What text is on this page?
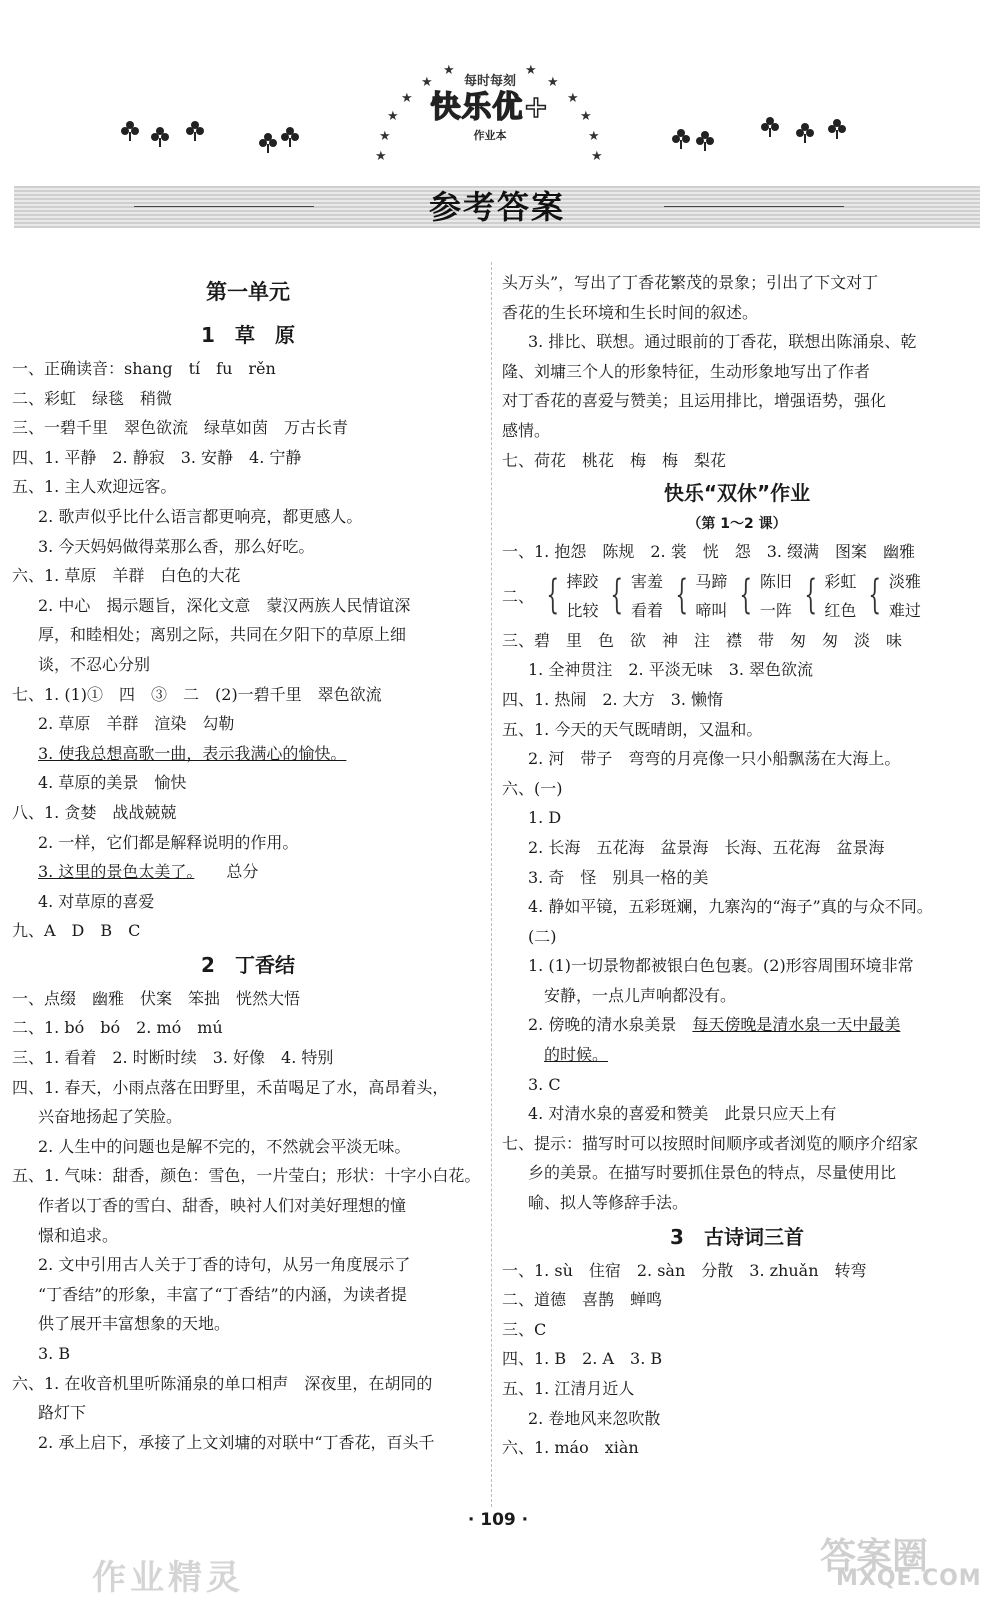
★
★
★
★
★
★	★
★
★
★
★
★
每时每刻
快乐优+
作业本
参考答案
第一单元
1　草　原
一、正确读音：shang　tí　fu　rěn
二、彩虹　绿毯　稍微
三、一碧千里　翠色欲流　绿草如茵　万古长青
四、1. 平静　2. 静寂　3. 安静　4. 宁静
五、1. 主人欢迎远客。
2. 歌声似乎比什么语言都更响亮，都更感人。
3. 今天妈妈做得菜那么香，那么好吃。
六、1. 草原　羊群　白色的大花
2. 中心　揭示题旨，深化文意　蒙汉两族人民情谊深
厚，和睦相处；离别之际，共同在夕阳下的草原上细
谈，不忍心分别
七、1. (1)①　四　③　二　(2)一碧千里　翠色欲流
2. 草原　羊群　渲染　勾勒
3. 使我总想高歌一曲，表示我满心的愉快。
4. 草原的美景　愉快
八、1. 贪婪　战战兢兢
2. 一样，它们都是解释说明的作用。
3. 这里的景色太美了。　　 总分
4. 对草原的喜爱
九、A　D　B　C
2　丁香结
一、点缀　幽雅　伏案　笨拙　恍然大悟
二、1. bó　bó　2. mó　mú
三、1. 看着　2. 时断时续　3. 好像　4. 特别
四、1. 春天，小雨点落在田野里，禾苗喝足了水，高昂着头，
兴奋地扬起了笑脸。
2. 人生中的问题也是解不完的，不然就会平淡无味。
五、1. 气味：甜香，颜色：雪色，一片莹白；形状：十字小白花。
作者以丁香的雪白、甜香，映衬人们对美好理想的憧
憬和追求。
2. 文中引用古人关于丁香的诗句，从另一角度展示了
“丁香结”的形象，丰富了“丁香结”的内涵，为读者提
供了展开丰富想象的天地。
3. B
六、1. 在收音机里听陈涌泉的单口相声　深夜里，在胡同的
路灯下
2. 承上启下，承接了上文刘墉的对联中“丁香花，百头千
头万头”，写出了丁香花繁茂的景象；引出了下文对丁
香花的生长环境和生长时间的叙述。
3. 排比、联想。通过眼前的丁香花，联想出陈涌泉、乾
隆、刘墉三个人的形象特征，生动形象地写出了作者
对丁香花的喜爱与赞美；且运用排比，增强语势，强化
感情。
七、荷花　桃花　梅　梅　梨花
快乐“双休”作业
（第 1～2 课）
一、1. 抱怨　陈规　2. 裳　恍　怨　3. 缀满　图案　幽雅
二、 { 摔跤
比较 { 害羞
看着 { 马蹄
啼叫 { 陈旧
一阵 { 彩虹
红色 { 淡雅
难过
三、碧　里　色　欲　神　注　襟　带　匆　匆　淡　味
1. 全神贯注　2. 平淡无味　3. 翠色欲流
四、1. 热闹　2. 大方　3. 懒惰
五、1. 今天的天气既晴朗，又温和。
2. 河　带子　弯弯的月亮像一只小船飘荡在大海上。
六、(一)
1. D
2. 长海　五花海　盆景海　长海、五花海　盆景海
3. 奇　怪　别具一格的美
4. 静如平镜，五彩斑斓，九寨沟的“海子”真的与众不同。
(二)
1. (1)一切景物都被银白色包裹。(2)形容周围环境非常
安静，一点儿声响都没有。
2. 傍晚的清水泉美景　 每天傍晚是清水泉一天中最美
的时候。
3. C
4. 对清水泉的喜爱和赞美　此景只应天上有
七、提示：描写时可以按照时间顺序或者浏览的顺序介绍家
乡的美景。在描写时要抓住景色的特点，尽量使用比
喻、拟人等修辞手法。
3　古诗词三首
一、1. sù　住宿　2. sàn　分散　3. zhuǎn　转弯
二、道德　喜鹊　蝉鸣
三、C
四、1. B　2. A　3. B
五、1. 江清月近人
2. 卷地风来忽吹散
六、1. máo　xiàn
· 109 ·
作业精灵
答案圈
MXQE.COM
